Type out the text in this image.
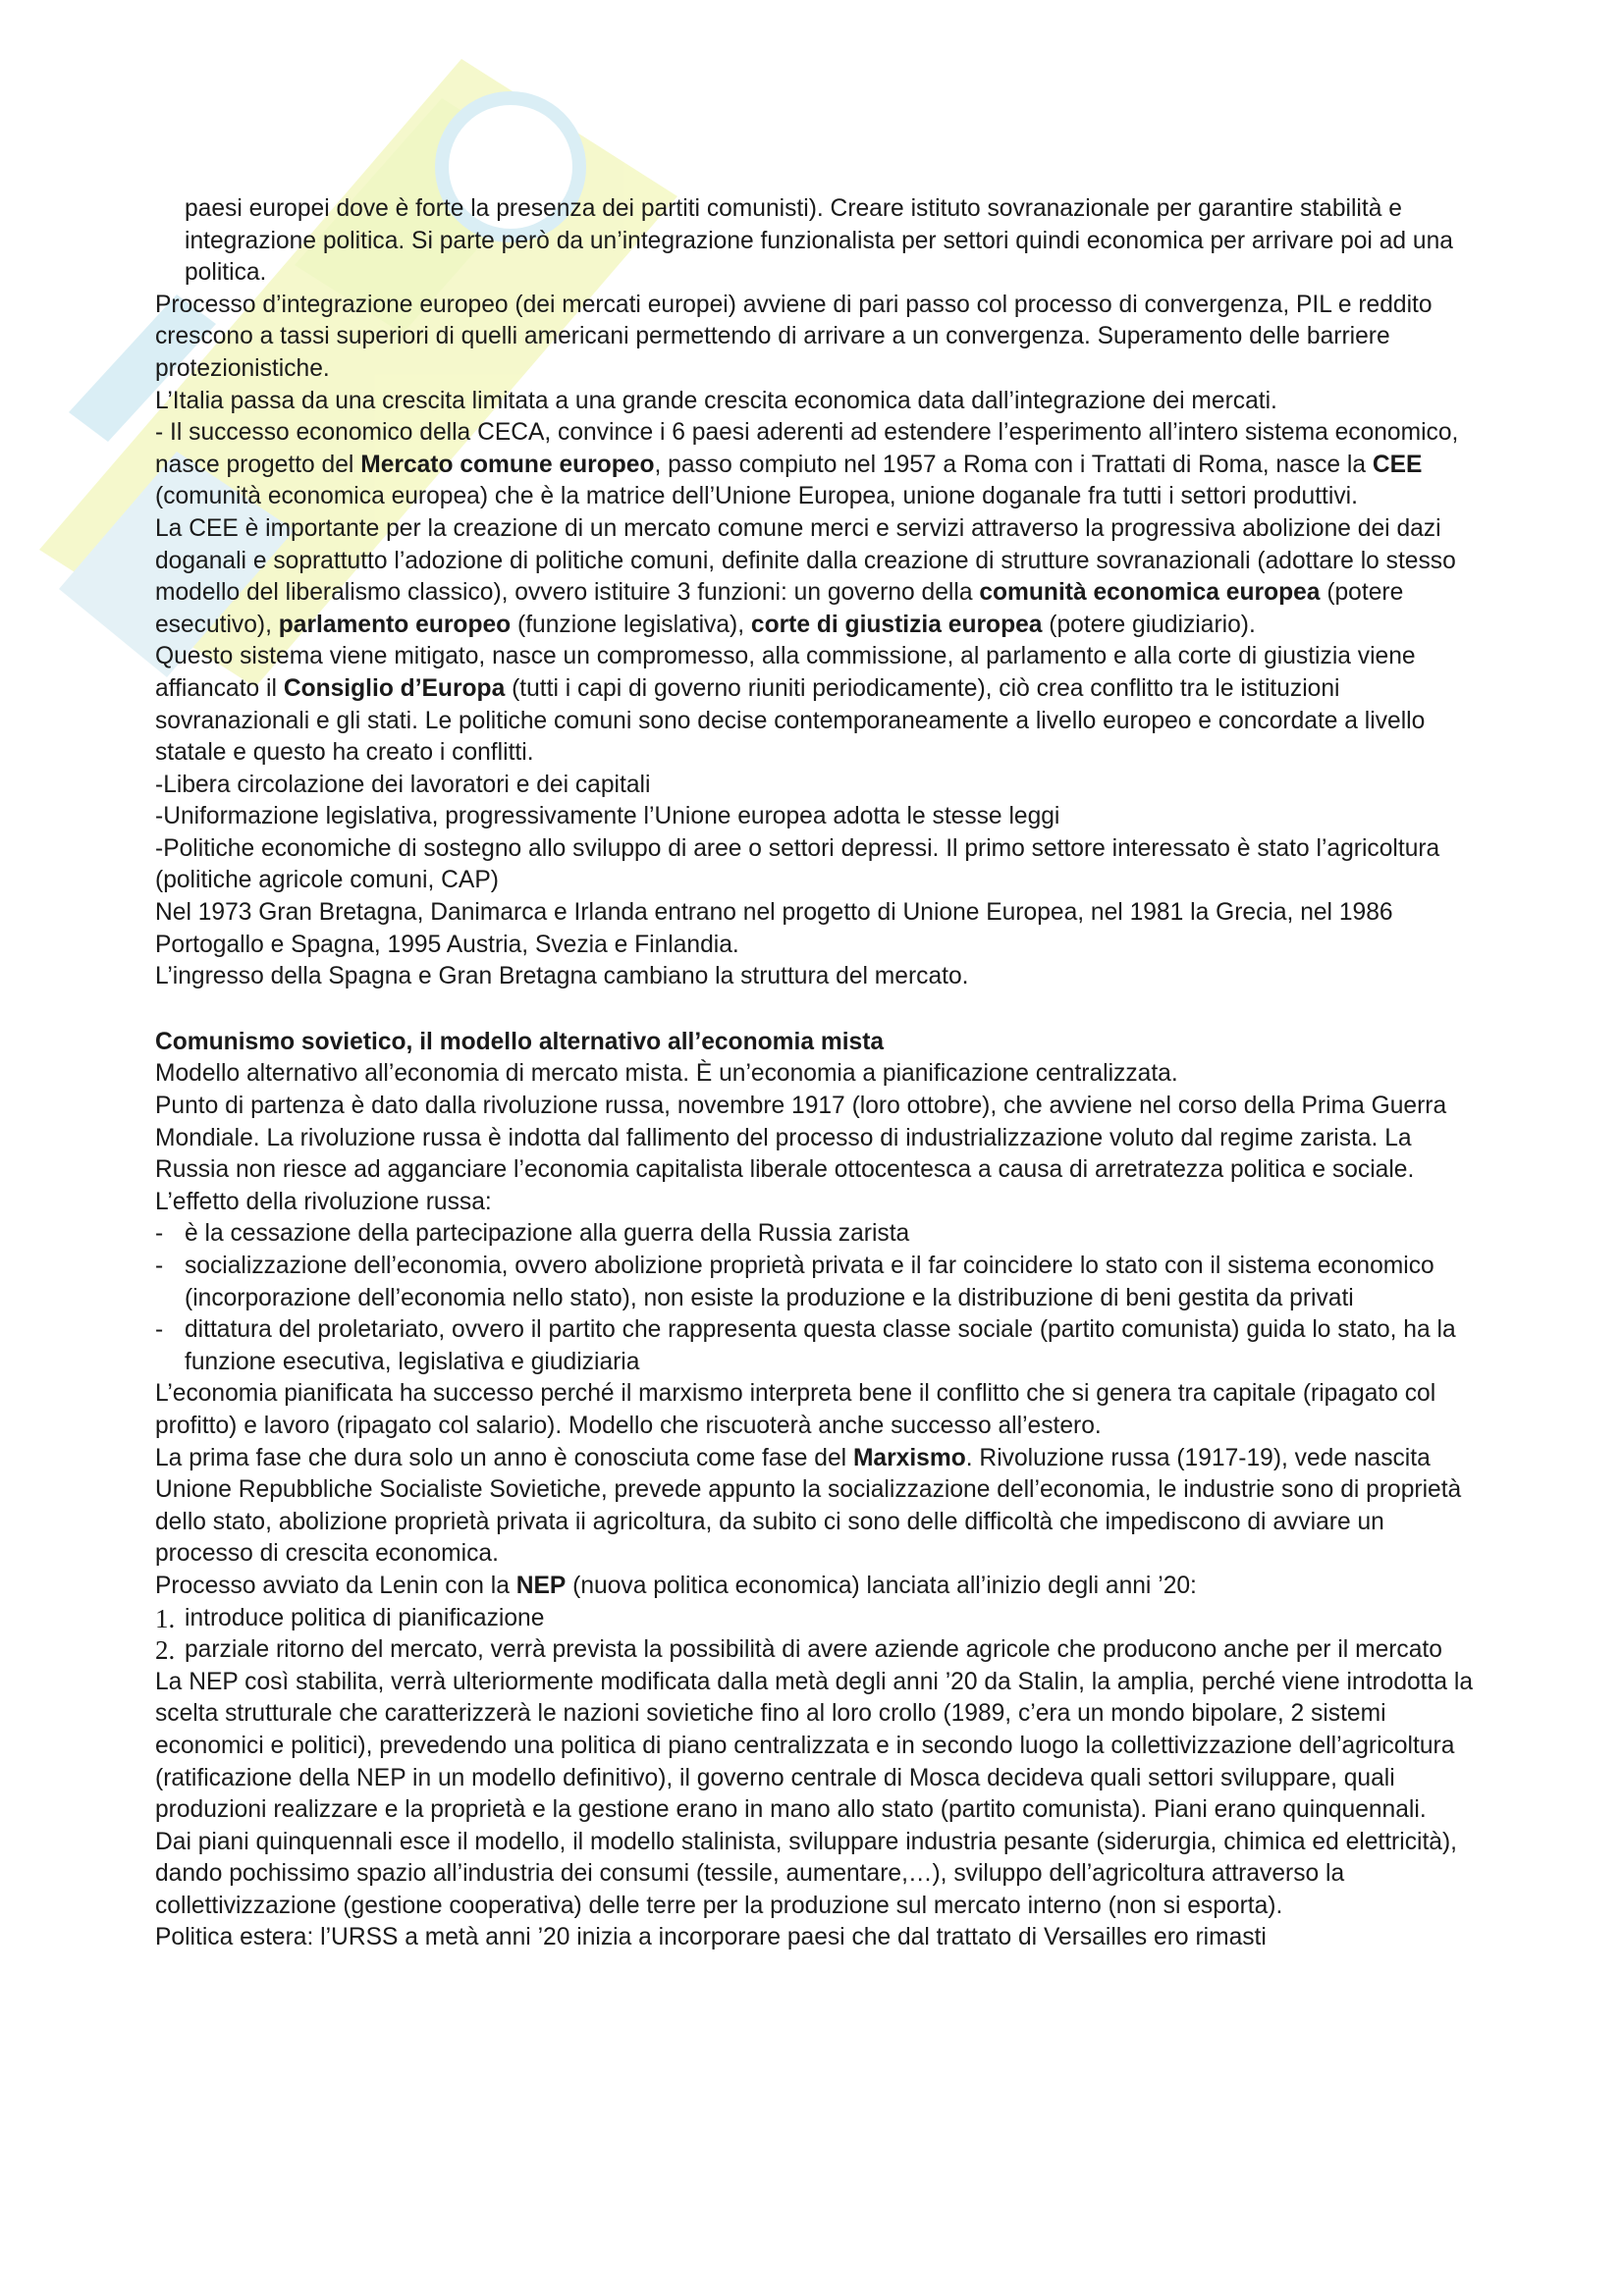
paesi europei dove è forte la presenza dei partiti comunisti). Creare istituto sovranazionale per garantire stabilità e integrazione politica. Si parte però da un’integrazione funzionalista per settori quindi economica per arrivare poi ad una politica.

Processo d’integrazione europeo (dei mercati europei) avviene di pari passo col processo di convergenza, PIL e reddito crescono a tassi superiori di quelli americani permettendo di arrivare a un convergenza. Superamento delle barriere protezionistiche.

L’Italia passa da una crescita limitata a una grande crescita economica data dall’integrazione dei mercati.

- Il successo economico della CECA, convince i 6 paesi aderenti ad estendere l’esperimento all’intero sistema economico, nasce progetto del Mercato comune europeo, passo compiuto nel 1957 a Roma con i Trattati di Roma, nasce la CEE (comunità economica europea) che è la matrice dell’Unione Europea, unione doganale fra tutti i settori produttivi.

La CEE è importante per la creazione di un mercato comune merci e servizi attraverso la progressiva abolizione dei dazi doganali e soprattutto l’adozione di politiche comuni, definite dalla creazione di strutture sovranazionali (adottare lo stesso modello del liberalismo classico), ovvero istituire 3 funzioni: un governo della comunità economica europea (potere esecutivo), parlamento europeo (funzione legislativa), corte di giustizia europea (potere giudiziario).

Questo sistema viene mitigato, nasce un compromesso, alla commissione, al parlamento e alla corte di giustizia viene affiancato il Consiglio d’Europa (tutti i capi di governo riuniti periodicamente), ciò crea conflitto tra le istituzioni sovranazionali e gli stati. Le politiche comuni sono decise contemporaneamente a livello europeo e concordate a livello statale e questo ha creato i conflitti.

-Libera circolazione dei lavoratori e dei capitali

-Uniformazione legislativa, progressivamente l’Unione europea adotta le stesse leggi

-Politiche economiche di sostegno allo sviluppo di aree o settori depressi. Il primo settore interessato è stato l’agricoltura (politiche agricole comuni, CAP)

Nel 1973 Gran Bretagna, Danimarca e Irlanda entrano nel progetto di Unione Europea, nel 1981 la Grecia, nel 1986 Portogallo e Spagna, 1995 Austria, Svezia e Finlandia.

L’ingresso della Spagna e Gran Bretagna cambiano la struttura del mercato.

Comunismo sovietico, il modello alternativo all’economia mista

Modello alternativo all’economia di mercato mista. È un’economia a pianificazione centralizzata.

Punto di partenza è dato dalla rivoluzione russa, novembre 1917 (loro ottobre), che avviene nel corso della Prima Guerra Mondiale. La rivoluzione russa è indotta dal fallimento del processo di industrializzazione voluto dal regime zarista. La Russia non riesce ad agganciare l’economia capitalista liberale ottocentesca a causa di arretratezza politica e sociale. L’effetto della rivoluzione russa:

- è la cessazione della partecipazione alla guerra della Russia zarista
- socializzazione dell’economia, ovvero abolizione proprietà privata e il far coincidere lo stato con il sistema economico (incorporazione dell’economia nello stato), non esiste la produzione e la distribuzione di beni gestita da privati
- dittatura del proletariato, ovvero il partito che rappresenta questa classe sociale (partito comunista) guida lo stato, ha la funzione esecutiva, legislativa e giudiziaria

L’economia pianificata ha successo perché il marxismo interpreta bene il conflitto che si genera tra capitale (ripagato col profitto) e lavoro (ripagato col salario). Modello che riscuoterà anche successo all’estero.

La prima fase che dura solo un anno è conosciuta come fase del Marxismo. Rivoluzione russa (1917-19), vede nascita Unione Repubbliche Socialiste Sovietiche, prevede appunto la socializzazione dell’economia, le industrie sono di proprietà dello stato, abolizione proprietà privata ii agricoltura, da subito ci sono delle difficoltà che impediscono di avviare un processo di crescita economica.

Processo avviato da Lenin con la NEP (nuova politica economica) lanciata all’inizio degli anni ’20:

1. introduce politica di pianificazione
2. parziale ritorno del mercato, verrà prevista la possibilità di avere aziende agricole che producono anche per il mercato

La NEP così stabilita, verrà ulteriormente modificata dalla metà degli anni ’20 da Stalin, la amplia, perché viene introdotta la scelta strutturale che caratterizzerà le nazioni sovietiche fino al loro crollo (1989, c’era un mondo bipolare, 2 sistemi economici e politici), prevedendo una politica di piano centralizzata e in secondo luogo la collettivizzazione dell’agricoltura (ratificazione della NEP in un modello definitivo), il governo centrale di Mosca decideva quali settori sviluppare, quali produzioni realizzare e la proprietà e la gestione erano in mano allo stato (partito comunista). Piani erano quinquennali.

Dai piani quinquennali esce il modello, il modello stalinista, sviluppare industria pesante (siderurgia, chimica ed elettricità), dando pochissimo spazio all’industria dei consumi (tessile, aumentare,…), sviluppo dell’agricoltura attraverso la collettivizzazione (gestione cooperativa) delle terre per la produzione sul mercato interno (non si esporta).

Politica estera: l’URSS a metà anni ’20 inizia a incorporare paesi che dal trattato di Versailles ero rimasti
